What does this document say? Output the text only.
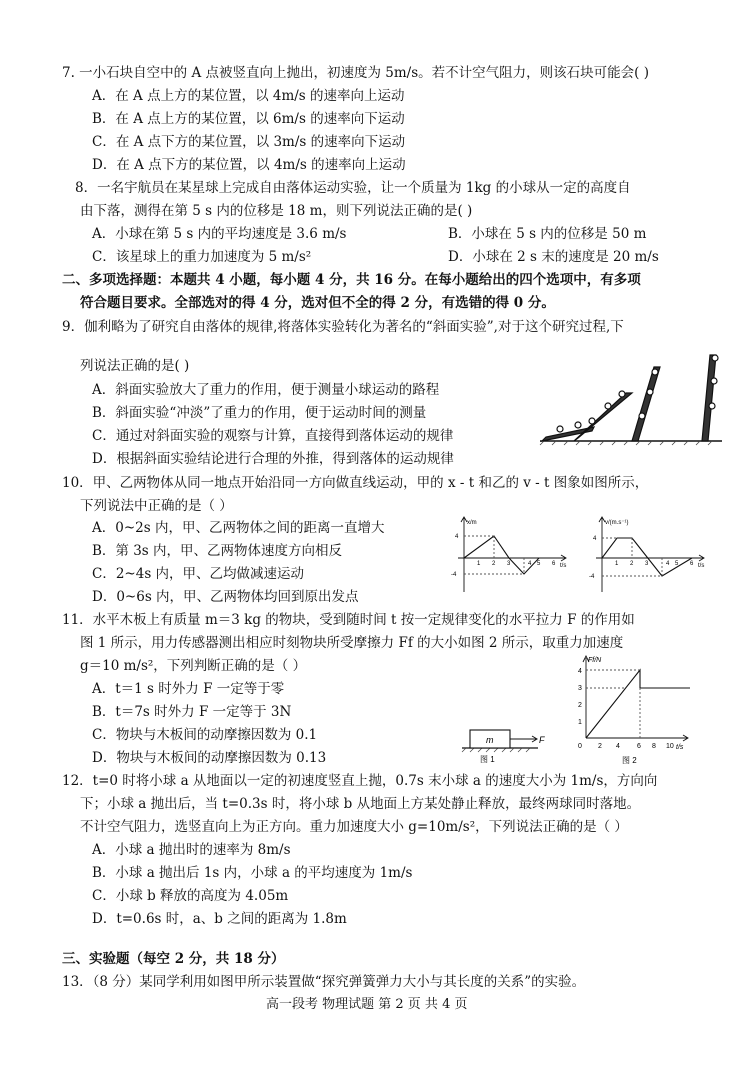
7. 一小石块自空中的 A 点被竖直向上抛出，初速度为 5m/s。若不计空气阻力，则该石块可能会( )
A．在 A 点上方的某位置，以 4m/s 的速率向上运动
B．在 A 点上方的某位置，以 6m/s 的速率向下运动
C．在 A 点下方的某位置，以 3m/s 的速率向下运动
D．在 A 点下方的某位置，以 4m/s 的速率向上运动
8．一名宇航员在某星球上完成自由落体运动实验，让一个质量为 1kg 的小球从一定的高度自
由下落，测得在第 5 s 内的位移是 18 m，则下列说法正确的是( )
A．小球在第 5 s 内的平均速度是 3.6 m/s	B．小球在 5 s 内的位移是 50 m
C．该星球上的重力加速度为 5 m/s²	D．小球在 2 s 末的速度是 20 m/s
二、多项选择题：本题共 4 小题，每小题 4 分，共 16 分。在每小题给出的四个选项中，有多项
符合题目要求。全部选对的得 4 分，选对但不全的得 2 分，有选错的得 0 分。
9．伽利略为了研究自由落体的规律,将落体实验转化为著名的“斜面实验”,对于这个研究过程,下
列说法正确的是( )
A．斜面实验放大了重力的作用，便于测量小球运动的路程
B．斜面实验“冲淡”了重力的作用，便于运动时间的测量
C．通过对斜面实验的观察与计算，直接得到落体运动的规律
D．根据斜面实验结论进行合理的外推，得到落体的运动规律
10．甲、乙两物体从同一地点开始沿同一方向做直线运动，甲的 x - t 和乙的 v - t 图象如图所示，
下列说法中正确的是（ ）
A．0~2s 内，甲、乙两物体之间的距离一直增大
B．第 3s 内，甲、乙两物体速度方向相反
C．2~4s 内，甲、乙均做减速运动
D．0~6s 内，甲、乙两物体均回到原出发点
x/m
t/s
4
-4
1 2 3	4 5 6
v/(m.s⁻¹)
t/s
4
-4
1 2 3	4 5 6
11．水平木板上有质量 m＝3 kg 的物块，受到随时间 t 按一定规律变化的水平拉力 F 的作用如
图 1 所示，用力传感器测出相应时刻物块所受摩擦力 Ff 的大小如图 2 所示，取重力加速度
g＝10 m/s²，下列判断正确的是（ ）
A．t＝1 s 时外力 F 一定等于零
B．t＝7s 时外力 F 一定等于 3N
C．物块与木板间的动摩擦因数为 0.1
D．物块与木板间的动摩擦因数为 0.13
m	F
图 1
Ff/N
t/s
1
2
3
4
0 2 4 6 8 10
图 2
12．t=0 时将小球 a 从地面以一定的初速度竖直上抛，0.7s 末小球 a 的速度大小为 1m/s，方向向
下；小球 a 抛出后，当 t=0.3s 时，将小球 b 从地面上方某处静止释放，最终两球同时落地。
不计空气阻力，选竖直向上为正方向。重力加速度大小 g=10m/s²，下列说法正确的是（ ）
A．小球 a 抛出时的速率为 8m/s
B．小球 a 抛出后 1s 内，小球 a 的平均速度为 1m/s
C．小球 b 释放的高度为 4.05m
D．t=0.6s 时，a、b 之间的距离为 1.8m
三、实验题（每空 2 分，共 18 分）
13．（8 分）某同学利用如图甲所示装置做“探究弹簧弹力大小与其长度的关系”的实验。
高一段考 物理试题 第 2 页 共 4 页
